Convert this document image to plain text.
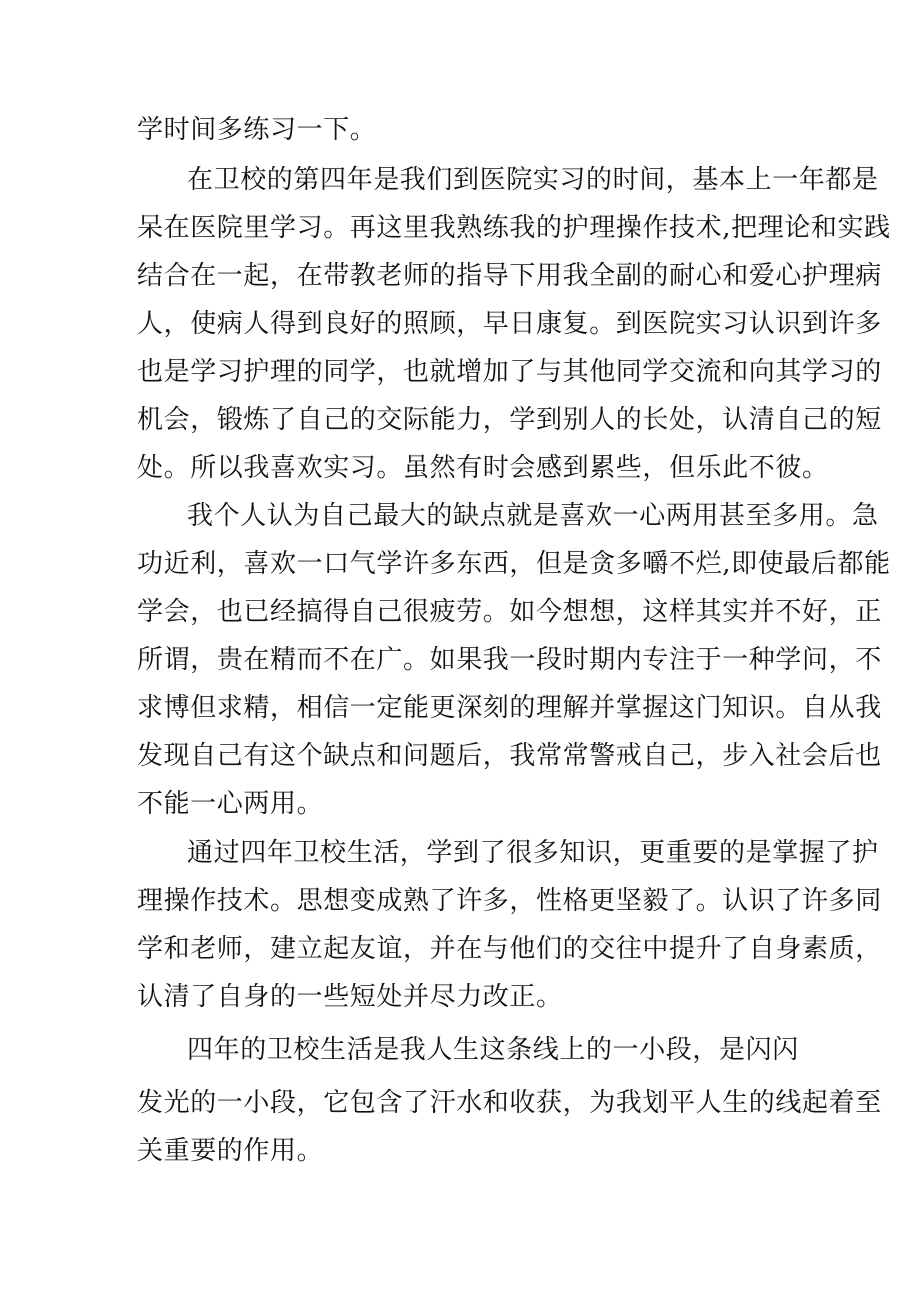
学时间多练习一下。
在卫校的第四年是我们到医院实习的时间，基本上一年都是
呆在医院里学习。再这里我熟练我的护理操作技术,把理论和实践
结合在一起，在带教老师的指导下用我全副的耐心和爱心护理病
人，使病人得到良好的照顾，早日康复。到医院实习认识到许多
也是学习护理的同学，也就增加了与其他同学交流和向其学习的
机会，锻炼了自己的交际能力，学到别人的长处，认清自己的短
处。所以我喜欢实习。虽然有时会感到累些，但乐此不彼。
我个人认为自己最大的缺点就是喜欢一心两用甚至多用。急
功近利，喜欢一口气学许多东西，但是贪多嚼不烂,即使最后都能
学会，也已经搞得自己很疲劳。如今想想，这样其实并不好，正
所谓，贵在精而不在广。如果我一段时期内专注于一种学问，不
求博但求精，相信一定能更深刻的理解并掌握这门知识。自从我
发现自己有这个缺点和问题后，我常常警戒自己，步入社会后也
不能一心两用。
通过四年卫校生活，学到了很多知识，更重要的是掌握了护
理操作技术。思想变成熟了许多，性格更坚毅了。认识了许多同
学和老师，建立起友谊，并在与他们的交往中提升了自身素质，
认清了自身的一些短处并尽力改正。
四年的卫校生活是我人生这条线上的一小段，是闪闪
发光的一小段，它包含了汗水和收获，为我划平人生的线起着至
关重要的作用。
